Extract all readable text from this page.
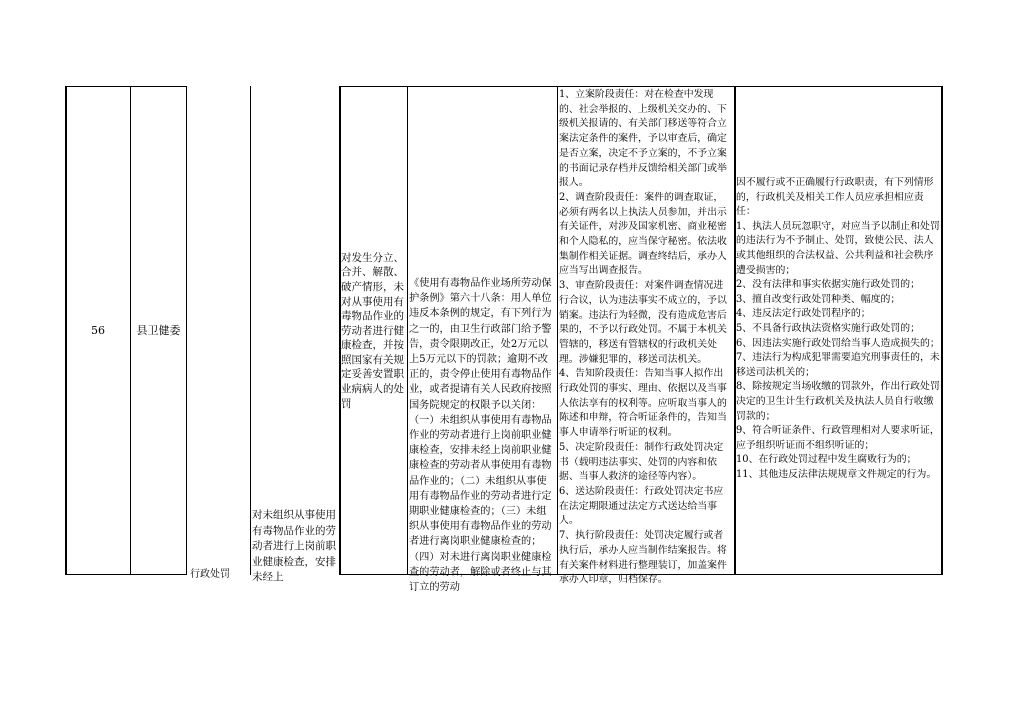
56	县卫健委
行政处罚
对未组织从事使用有毒物品作业的劳动者进行上岗前职业健康检查，安排未经上
对发生分立、合并、解散、破产情形，未对从事使用有毒物品作业的劳动者进行健康检查，并按照国家有关规定妥善安置职业病病人的处罚
《使用有毒物品作业场所劳动保护条例》第六十八条：用人单位违反本条例的规定，有下列行为之一的，由卫生行政部门给予警告，责令限期改正，处2万元以上5万元以下的罚款；逾期不改正的，责令停止使用有毒物品作业，或者提请有关人民政府按照国务院规定的权限予以关闭：（一）未组织从事使用有毒物品作业的劳动者进行上岗前职业健康检查，安排未经上岗前职业健康检查的劳动者从事使用有毒物品作业的；（二）未组织从事使用有毒物品作业的劳动者进行定期职业健康检查的；（三）未组织从事使用有毒物品作业的劳动者进行离岗职业健康检查的；（四）对未进行离岗职业健康检查的劳动者，解除或者终止与其订立的劳动
1、立案阶段责任：对在检查中发现的、社会举报的、上级机关交办的、下级机关报请的、有关部门移送等符合立案法定条件的案件，予以审查后，确定是否立案，决定不予立案的，不予立案的书面记录存档并反馈给相关部门或举报人。
2、调查阶段责任：案件的调查取证，必须有两名以上执法人员参加，并出示有关证件，对涉及国家机密、商业秘密和个人隐私的，应当保守秘密。依法收集制作相关证据。调查终结后，承办人应当写出调查报告。
3、审查阶段责任：对案件调查情况进行合议，认为违法事实不成立的，予以销案。违法行为轻微，没有造成危害后果的，不予以行政处罚。不属于本机关管辖的，移送有管辖权的行政机关处理。涉嫌犯罪的，移送司法机关。
4、告知阶段责任：告知当事人拟作出行政处罚的事实、理由、依据以及当事人依法享有的权利等。应听取当事人的陈述和申辩，符合听证条件的，告知当事人申请举行听证的权利。
5、决定阶段责任：制作行政处罚决定书（载明违法事实、处罚的内容和依据、当事人救济的途径等内容）。
6、送达阶段责任：行政处罚决定书应在法定期限通过法定方式送达给当事人。
7、执行阶段责任：处罚决定履行或者执行后，承办人应当制作结案报告。将有关案件材料进行整理装订，加盖案件承办人印章，归档保存。
因不履行或不正确履行行政职责，有下列情形的，行政机关及相关工作人员应承担相应责任：
1、执法人员玩忽职守，对应当予以制止和处罚的违法行为不予制止、处罚，致使公民、法人或其他组织的合法权益、公共利益和社会秩序遭受损害的；
2、没有法律和事实依据实施行政处罚的；
3、擅自改变行政处罚种类、幅度的；
4、违反法定行政处罚程序的；
5、不具备行政执法资格实施行政处罚的；
6、因违法实施行政处罚给当事人造成损失的；
7、违法行为构成犯罪需要追究刑事责任的，未移送司法机关的；
8、除按规定当场收缴的罚款外，作出行政处罚决定的卫生计生行政机关及执法人员自行收缴罚款的；
9、符合听证条件、行政管理相对人要求听证，应予组织听证而不组织听证的；
10、在行政处罚过程中发生腐败行为的；
11、其他违反法律法规规章文件规定的行为。
